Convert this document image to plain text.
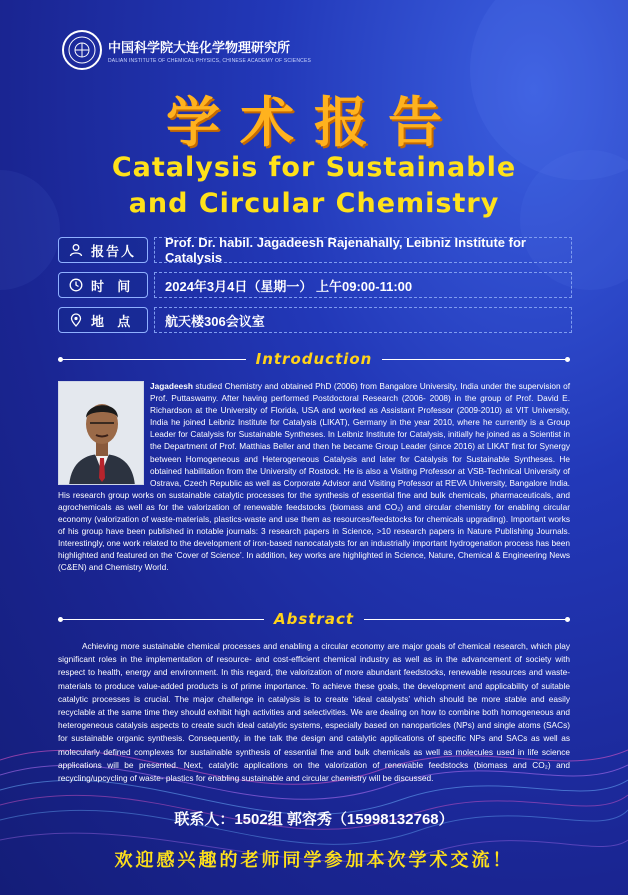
中国科学院大连化学物理研究所
DALIAN INSTITUTE OF CHEMICAL PHYSICS, CHINESE ACADEMY OF SCIENCES
学术报告
Catalysis for Sustainable
and Circular Chemistry
报告人
Prof. Dr. habil. Jagadeesh Rajenahally, Leibniz Institute for Catalysis
时  间	2024年3月4日（星期一） 上午09:00-11:00
地  点	航天楼306会议室
Introduction
Jagadeesh studied Chemistry and obtained PhD (2006) from Bangalore University, India under the supervision of Prof. Puttaswamy. After having performed Postdoctoral Research (2006- 2008) in the group of Prof. David E. Richardson at the University of Florida, USA and worked as Assistant Professor (2009-2010) at VIT University, India he joined Leibniz Institute for Catalysis (LIKAT), Germany in the year 2010, where he currently is a Group Leader for Catalysis for Sustainable Syntheses. In Leibniz Institute for Catalysis, initially he joined as a Scientist in the Department of Prof. Matthias Beller and then he became Group Leader (since 2016) at LIKAT first for Synergy between Homogeneous and Heterogeneous Catalysis and later for Catalysis for Sustainable Syntheses. He obtained habilitation from the University of Rostock. He is also a Visiting Professor at VSB-Technical University of Ostrava, Czech Republic as well as Corporate Advisor and Visiting Professor at REVA University, Bangalore India. His research group works on sustainable catalytic processes for the synthesis of essential fine and bulk chemicals, pharmaceuticals, and agrochemicals as well as for the valorization of renewable feedstocks (biomass and CO₂) and circular chemistry for enabling circular economy (valorization of waste-materials, plastics-waste and use them as resources/feedstocks for chemicals upgrading). Important works of his group have been published in notable journals: 3 research papers in Science, >10 research papers in Nature Publishing Journals. Interestingly, one work related to the development of iron-based nanocatalysts for an industrially important hydrogenation process has been highlighted and featured on the ‘Cover of Science’. In addition, key works are highlighted in Science, Nature, Chemical & Engineering News (C&EN) and Chemistry World.
Abstract
Achieving more sustainable chemical processes and enabling a circular economy are major goals of chemical research, which play significant roles in the implementation of resource- and cost-efficient chemical industry as well as in the advancement of society with respect to health, energy and environment. In this regard, the valorization of more abundant feedstocks, renewable resources and waste-materials to produce value-added products is of prime importance. To achieve these goals, the development and applicability of suitable catalytic processes is crucial. The major challenge in catalysis is to create ‘ideal catalysts’ which should be more stable and easily recyclable at the same time they should exhibit high activities and selectivities. We are dealing on how to combine both homogeneous and heterogeneous catalysis aspects to create such ideal catalytic systems, especially based on nanoparticles (NPs) and single atoms (SACs) for sustainable organic synthesis. Consequently, in the talk the design and catalytic applications of specific NPs and SACs as well as molecularly defined complexes for sustainable synthesis of essential fine and bulk chemicals as well as molecules used in life science applications will be presented. Next, catalytic applications on the valorization of renewable feedstocks (biomass and CO₂) and recycling/upcycling of waste- plastics for enabling sustainable and circular chemistry will be discussed.
联系人：1502组 郭容秀（15998132768）
欢迎感兴趣的老师同学参加本次学术交流！
